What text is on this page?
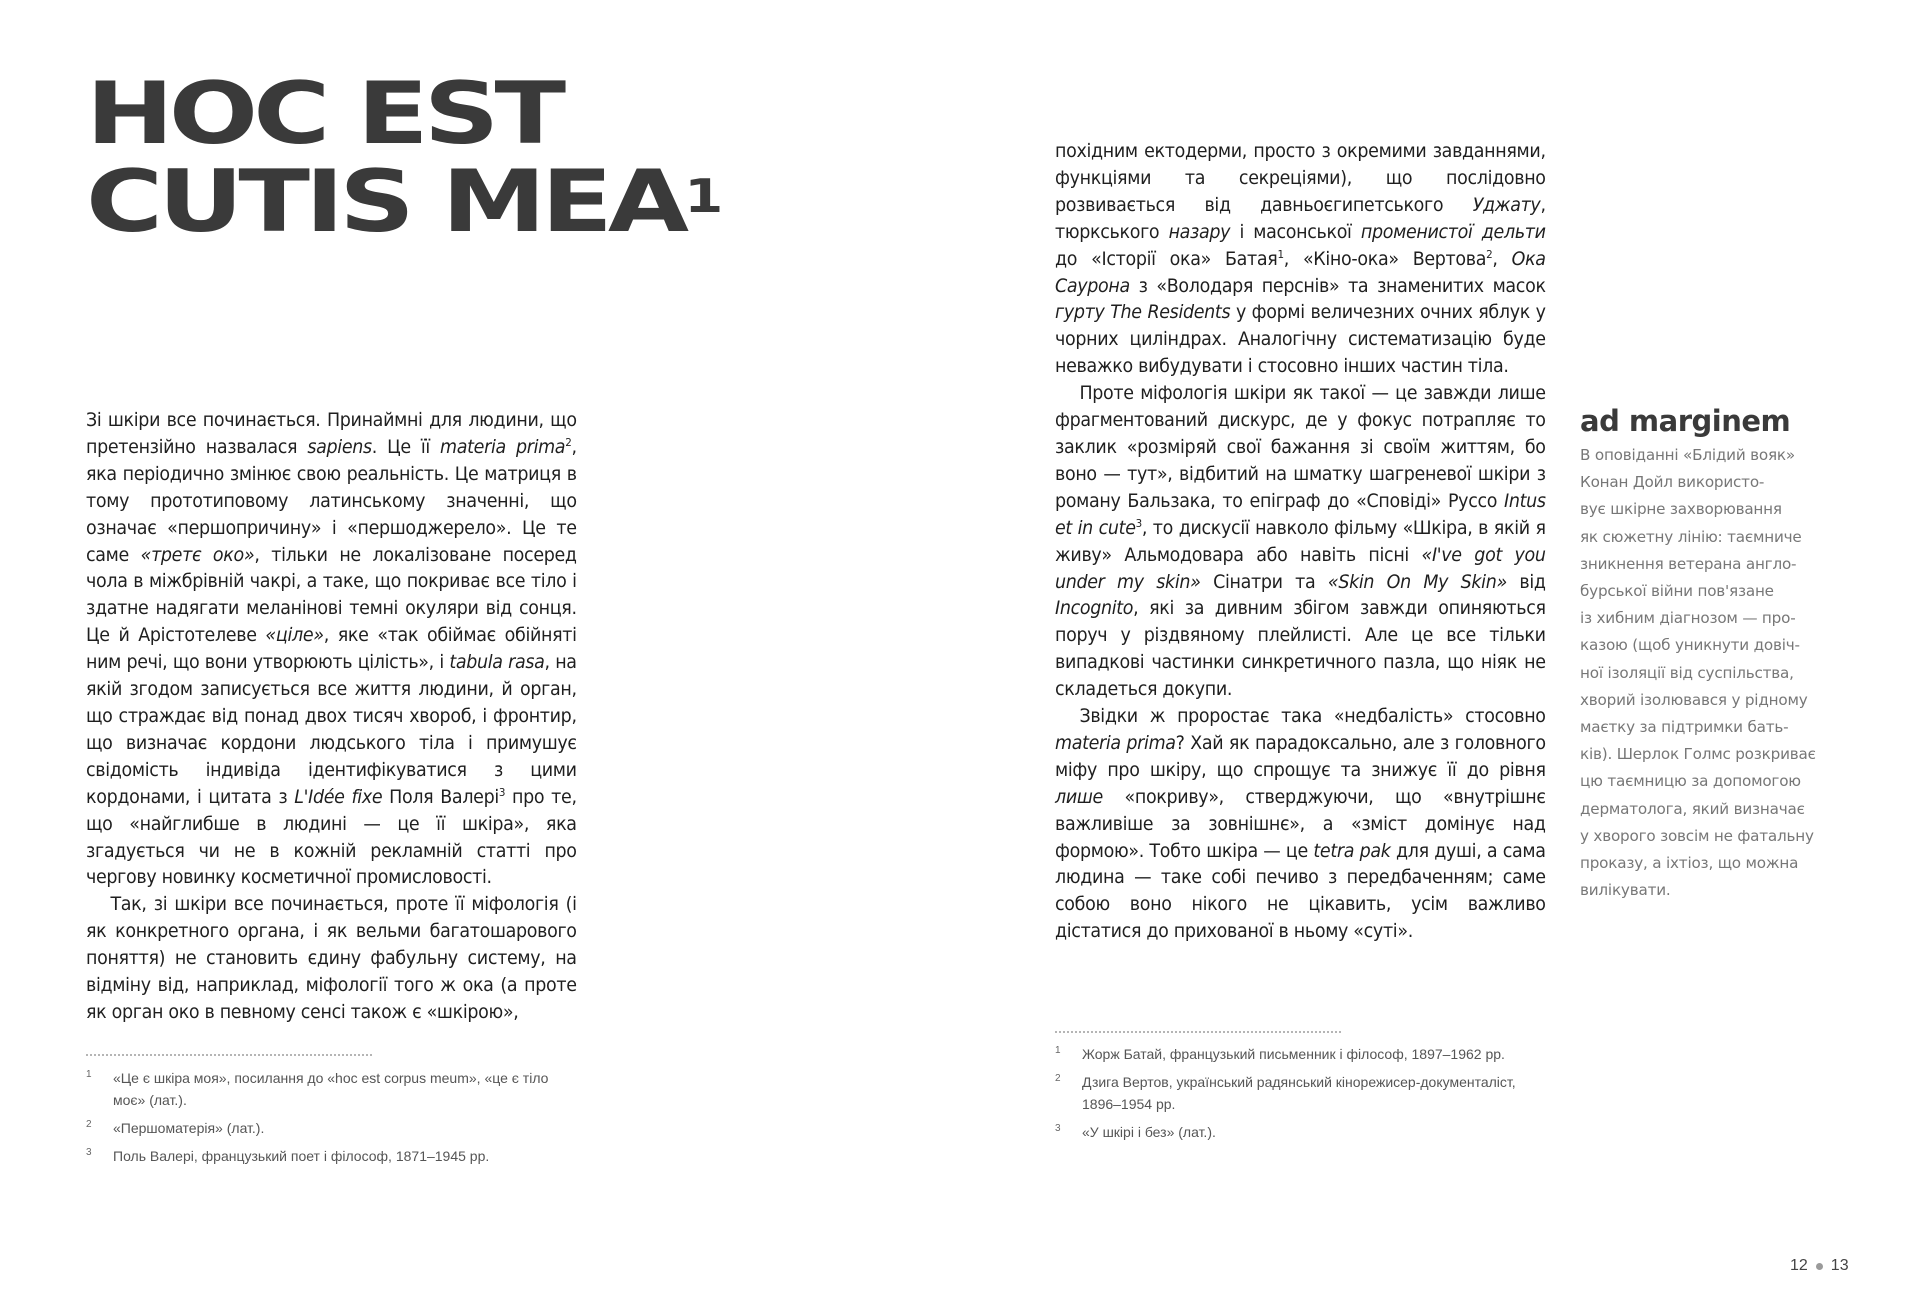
HOC EST
CUTIS MEA$^1$

Зі шкіри все починається. Принаймні для людини, що претензійно назвалася sapiens. Це її materia prima$^2$, яка періодично змінює свою реальність. Це матриця в тому прототиповому латинському значенні, що означає «першопричину» і «першоджерело». Це те саме «третє око», тільки не локалізоване посеред чола в міжбрівній чакрі, а таке, що покриває все тіло і здатне надягати меланінові темні окуляри від сонця. Це й Арістотелеве «ціле», яке «так обіймає обійняті ним речі, що вони утворюють цілість», і tabula rasa, на якій згодом записується все життя людини, й орган, що страждає від понад двох тисяч хвороб, і фронтир, що визначає кордони людського тіла і примушує свідомість індивіда ідентифікуватися з цими кордонами, і цитата з L'Idée fixe Поля Валері$^3$ про те, що «найглибше в людині — це її шкіра», яка згадується чи не в кожній рекламній статті про чергову новинку косметичної промисловості.

Так, зі шкіри все починається, проте її міфологія (і як конкретного органа, і як вельми багатошарового поняття) не становить єдину фабульну систему, на відміну від, наприклад, міфології того ж ока (а проте як орган око в певному сенсі також є «шкірою»,

похідним ектодерми, просто з окремими завданнями, функціями та секреціями), що послідовно розвивається від давньоєгипетського Уджату, тюркського назару і масонської променистої дельти до «Історії ока» Батая$^1$, «Кіно-ока» Вертова$^2$, Ока Саурона з «Володаря перснів» та знаменитих масок гурту The Residents у формі величезних очних яблук у чорних циліндрах. Аналогічну систематизацію буде неважко вибудувати і стосовно інших частин тіла.

Проте міфологія шкіри як такої — це завжди лише фрагментований дискурс, де у фокус потрапляє то заклик «розміряй свої бажання зі своїм життям, бо воно — тут», відбитий на шматку шагреневої шкіри з роману Бальзака, то епіграф до «Сповіді» Руссо Intus et in cute$^3$, то дискусії навколо фільму «Шкіра, в якій я живу» Альмодовара або навіть пісні «I've got you under my skin» Сінатри та «Skin On My Skin» від Incognito, які за дивним збігом завжди опиняються поруч у різдвяному плейлисті. Але це все тільки випадкові частинки синкретичного пазла, що ніяк не складеться докупи.

Звідки ж проростає така «недбалість» стосовно materia prima? Хай як парадоксально, але з головного міфу про шкіру, що спрощує та знижує її до рівня лише «покриву», стверджуючи, що «внутрішнє важливіше за зовнішнє», а «зміст домінує над формою». Тобто шкіра — це tetra pak для душі, а сама людина — таке собі печиво з передбаченням; саме собою воно нікого не цікавить, усім важливо дістатися до прихованої в ньому «суті».

1	«Це є шкіра моя», посилання до «hoc est corpus meum», «це є тіло моє» (лат.).
2	«Першоматерія» (лат.).
3	Поль Валері, французький поет і філософ, 1871–1945 рр.
1	Жорж Батай, французький письменник і філософ, 1897–1962 рр.
2	Дзига Вертов, український радянський кінорежисер-документаліст, 1896–1954 рр.
3	«У шкірі і без» (лат.).
ad marginem
В оповіданні «Блідий вояк»
Конан Дойл використо-
вує шкірне захворювання
як сюжетну лінію: таємниче
зникнення ветерана англо-
бурської війни пов'язане
із хибним діагнозом — про-
казою (щоб уникнути довіч-
ної ізоляції від суспільства,
хворий ізолювався у рідному
маєтку за підтримки бать-
ків). Шерлок Голмс розкриває
цю таємницю за допомогою
дерматолога, який визначає
у хворого зовсім не фатальну
проказу, а іхтіоз, що можна
вилікувати.
12 13
